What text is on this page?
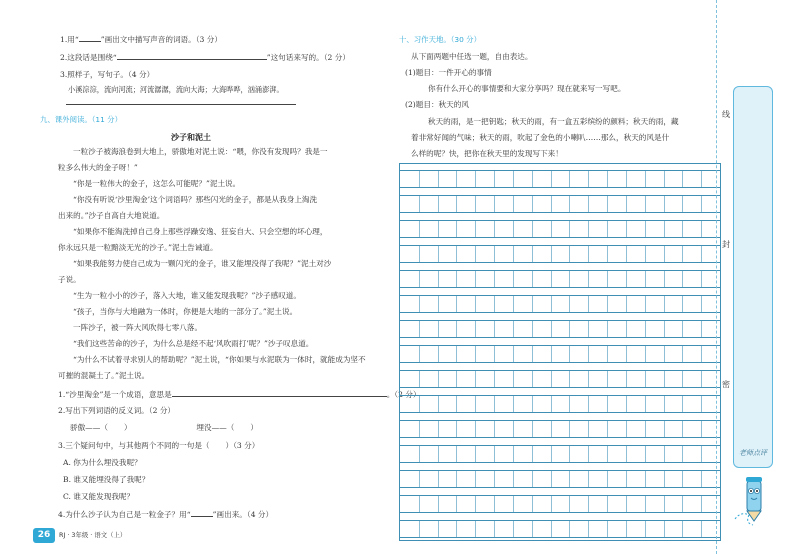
1.用“	”画出文中描写声音的词语。（3 分）
2.这段话是围绕“	”这句话来写的。（2 分）
3.照样子，写句子。（4 分）
小溪淙淙，流向河流；河流潺潺，流向大海；大海哗哗，汹涌澎湃。
九、课外阅读。（11 分）
沙子和泥土
一粒沙子被海浪卷到大地上，骄傲地对泥土说：“喂，你没有发现吗？我是一
粒多么伟大的金子呀！”
“你是一粒伟大的金子，这怎么可能呢？”泥土说。
“你没有听说‘沙里淘金’这个词语吗？那些闪光的金子，都是从我身上淘洗
出来的。”沙子自高自大地说道。
“如果你不能淘洗掉自己身上那些浮躁安逸、狂妄自大、只会空想的坏心理，
你永远只是一粒黯淡无光的沙子。”泥土告诫道。
“如果我能努力使自己成为一颗闪光的金子，谁又能埋没得了我呢？”泥土对沙
子说。
“生为一粒小小的沙子，落入大地，谁又能发现我呢？”沙子感叹道。
“孩子，当你与大地融为一体时，你便是大地的一部分了。”泥土说。
一阵沙子，被一阵大风吹得七零八落。
“我们这些苦命的沙子，为什么总是经不起‘风吹雨打’呢？”沙子叹息道。
“为什么不试着寻求别人的帮助呢？”泥土说，“你如果与水泥联为一体时，就能成为坚不
可摧的混凝土了。”泥土说。
1.“沙里淘金”是一个成语，意思是	。（2 分）
2.写出下列词语的反义词。（2 分）
骄傲——（ ）	埋没——（ ）
3.三个疑问句中，与其他两个不同的一句是（ ）（3 分）
A. 你为什么埋没我呢？
B. 谁又能埋没得了我呢？
C. 谁又能发现我呢？
4.为什么沙子认为自己是一粒金子？用“	”画出来。（4 分）
十、习作天地。（30 分）
从下面两题中任选一题，自由表达。
(1)题目：一件开心的事情
你有什么开心的事情要和大家分享吗？现在就来写一写吧。
(2)题目：秋天的风
秋天的雨，是一把钥匙；秋天的雨，有一盒五彩缤纷的颜料；秋天的雨，藏
着非常好闻的气味；秋天的雨，吹起了金色的小喇叭……那么，秋天的风是什
么样的呢？快，把你在秋天里的发现写下来！
线
封
密
老师点评
26	RJ · 3年级 · 语文（上）
